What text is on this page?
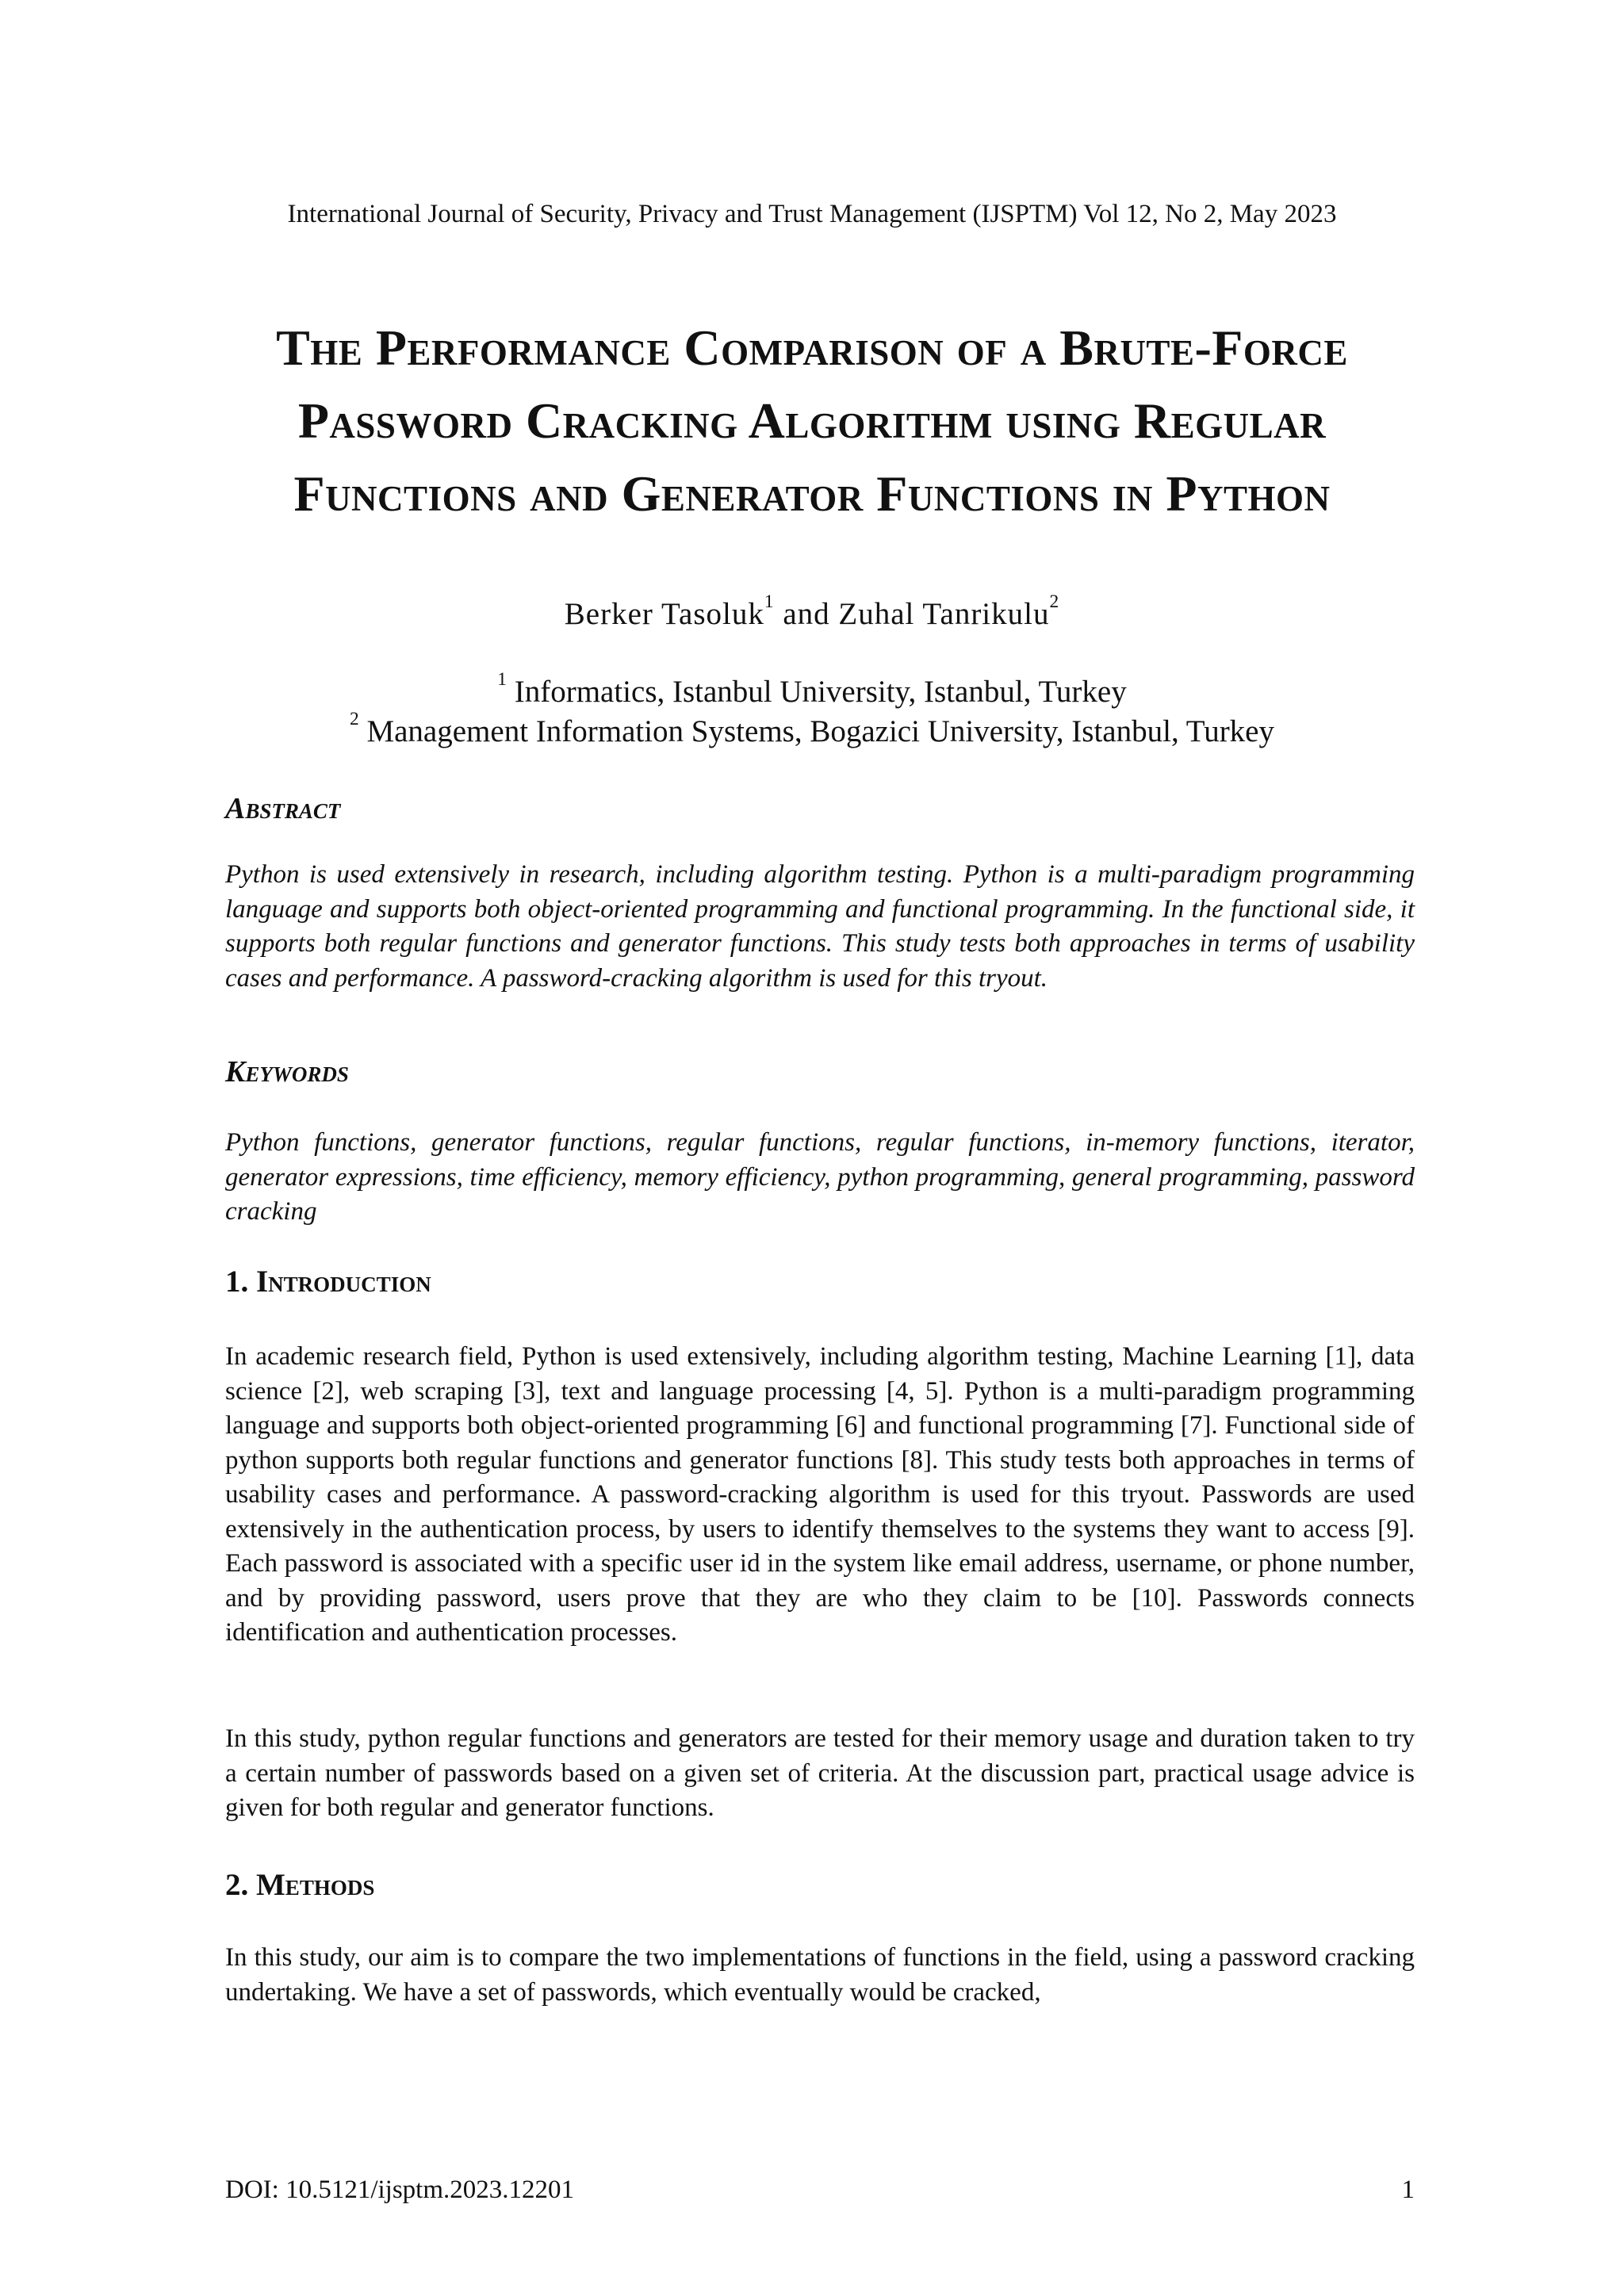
International Journal of Security, Privacy and Trust Management (IJSPTM) Vol 12, No 2, May 2023
The Performance Comparison of a Brute-Force Password Cracking Algorithm using Regular Functions and Generator Functions in Python
Berker Tasoluk$^1$ and Zuhal Tanrikulu$^2$
$^1$ Informatics, Istanbul University, Istanbul, Turkey
$^2$ Management Information Systems, Bogazici University, Istanbul, Turkey
Abstract
Python is used extensively in research, including algorithm testing. Python is a multi-paradigm programming language and supports both object-oriented programming and functional programming. In the functional side, it supports both regular functions and generator functions. This study tests both approaches in terms of usability cases and performance. A password-cracking algorithm is used for this tryout.
Keywords
Python functions, generator functions, regular functions, regular functions, in-memory functions, iterator, generator expressions, time efficiency, memory efficiency, python programming, general programming, password cracking
1. Introduction
In academic research field, Python is used extensively, including algorithm testing, Machine Learning [1], data science [2], web scraping [3], text and language processing [4, 5]. Python is a multi-paradigm programming language and supports both object-oriented programming [6] and functional programming [7]. Functional side of python supports both regular functions and generator functions [8]. This study tests both approaches in terms of usability cases and performance. A password-cracking algorithm is used for this tryout. Passwords are used extensively in the authentication process, by users to identify themselves to the systems they want to access [9]. Each password is associated with a specific user id in the system like email address, username, or phone number, and by providing password, users prove that they are who they claim to be [10]. Passwords connects identification and authentication processes.
In this study, python regular functions and generators are tested for their memory usage and duration taken to try a certain number of passwords based on a given set of criteria. At the discussion part, practical usage advice is given for both regular and generator functions.
2. Methods
In this study, our aim is to compare the two implementations of functions in the field, using a password cracking undertaking. We have a set of passwords, which eventually would be cracked,
DOI: 10.5121/ijsptm.2023.12201	1
